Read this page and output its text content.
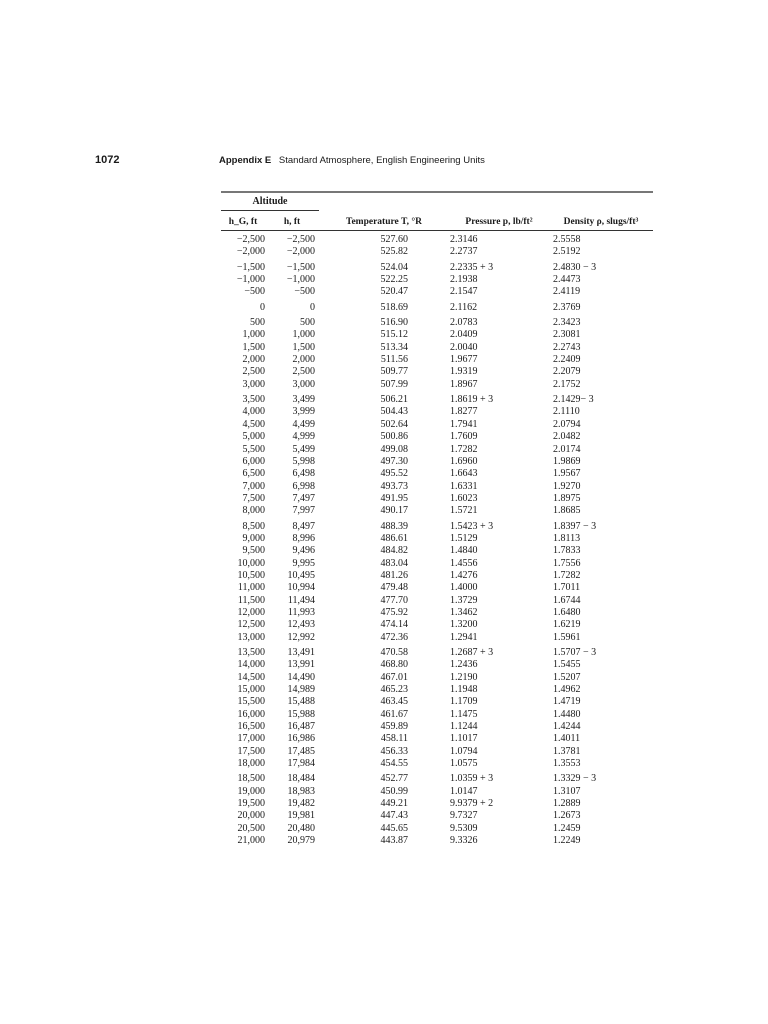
1072	Appendix E Standard Atmosphere, English Engineering Units
Altitude
h_G, ft	h, ft	Temperature T, °R	Pressure p, lb/ft²	Density ρ, slugs/ft³
−2,500	−2,500	527.60	2.3146	2.5558
−2,000	−2,000	525.82	2.2737	2.5192
−1,500	−1,500	524.04	2.2335 + 3	2.4830 − 3
−1,000	−1,000	522.25	2.1938	2.4473
−500	−500	520.47	2.1547	2.4119
0	0	518.69	2.1162	2.3769
500	500	516.90	2.0783	2.3423
1,000	1,000	515.12	2.0409	2.3081
1,500	1,500	513.34	2.0040	2.2743
2,000	2,000	511.56	1.9677	2.2409
2,500	2,500	509.77	1.9319	2.2079
3,000	3,000	507.99	1.8967	2.1752
3,500	3,499	506.21	1.8619 + 3	2.1429− 3
4,000	3,999	504.43	1.8277	2.1110
4,500	4,499	502.64	1.7941	2.0794
5,000	4,999	500.86	1.7609	2.0482
5,500	5,499	499.08	1.7282	2.0174
6,000	5,998	497.30	1.6960	1.9869
6,500	6,498	495.52	1.6643	1.9567
7,000	6,998	493.73	1.6331	1.9270
7,500	7,497	491.95	1.6023	1.8975
8,000	7,997	490.17	1.5721	1.8685
8,500	8,497	488.39	1.5423 + 3	1.8397 − 3
9,000	8,996	486.61	1.5129	1.8113
9,500	9,496	484.82	1.4840	1.7833
10,000	9,995	483.04	1.4556	1.7556
10,500	10,495	481.26	1.4276	1.7282
11,000	10,994	479.48	1.4000	1.7011
11,500	11,494	477.70	1.3729	1.6744
12,000	11,993	475.92	1.3462	1.6480
12,500	12,493	474.14	1.3200	1.6219
13,000	12,992	472.36	1.2941	1.5961
13,500	13,491	470.58	1.2687 + 3	1.5707 − 3
14,000	13,991	468.80	1.2436	1.5455
14,500	14,490	467.01	1.2190	1.5207
15,000	14,989	465.23	1.1948	1.4962
15,500	15,488	463.45	1.1709	1.4719
16,000	15,988	461.67	1.1475	1.4480
16,500	16,487	459.89	1.1244	1.4244
17,000	16,986	458.11	1.1017	1.4011
17,500	17,485	456.33	1.0794	1.3781
18,000	17,984	454.55	1.0575	1.3553
18,500	18,484	452.77	1.0359 + 3	1.3329 − 3
19,000	18,983	450.99	1.0147	1.3107
19,500	19,482	449.21	9.9379 + 2	1.2889
20,000	19,981	447.43	9.7327	1.2673
20,500	20,480	445.65	9.5309	1.2459
21,000	20,979	443.87	9.3326	1.2249
